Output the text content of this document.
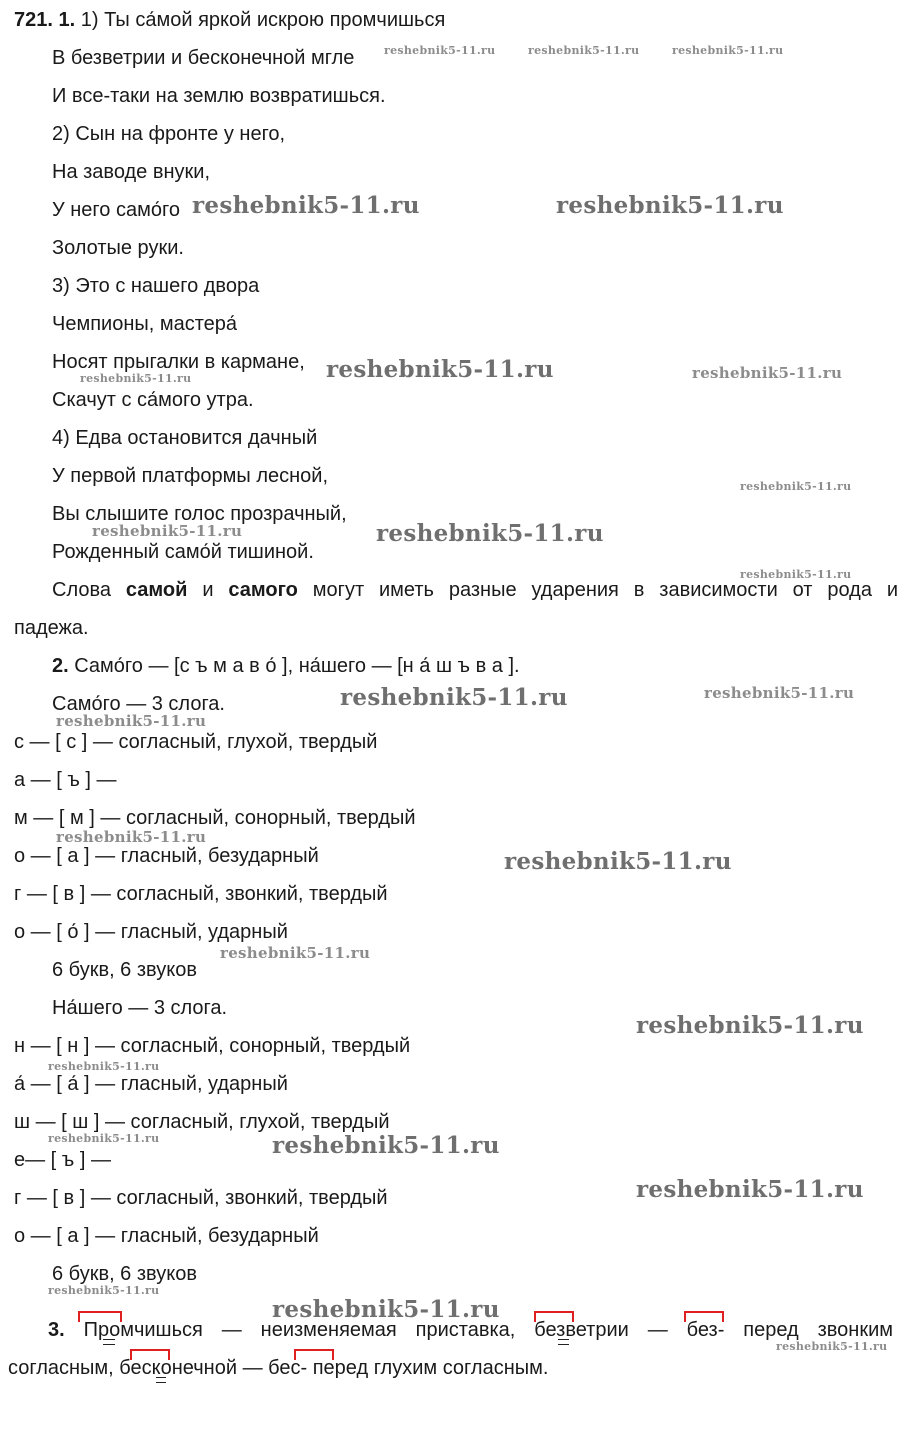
721. 1. 1) Ты са́мой яркой искрою промчишься
В безветрии и бесконечной мгле
И все-таки на землю возвратишься.
2) Сын на фронте у него,
На заводе внуки,
У него само́го
Золотые руки.
3) Это с нашего двора
Чемпионы, мастера́
Носят прыгалки в кармане,
Скачут с са́мого утра.
4) Едва остановится дачный
У первой платформы лесной,
Вы слышите голос прозрачный,
Рожденный само́й тишиной.
Слова самой и самого могут иметь разные ударения в зависимости от рода и
падежа.
2. Само́го — [с ъ м а в о́ ], на́шего — [н а́ ш ъ в а ].
Само́го — 3 слога.
с — [ с ] — согласный, глухой, твердый
а — [ ъ ] —
м — [ м ] — согласный, сонорный, твердый
о — [ а ] — гласный, безударный
г — [ в ] — согласный, звонкий, твердый
о — [ о́ ] — гласный, ударный
6 букв, 6 звуков
На́шего — 3 слога.
н — [ н ] — согласный, сонорный, твердый
а́ — [ а́ ] — гласный, ударный
ш — [ ш ] — согласный, глухой, твердый
е— [ ъ ] —
г — [ в ] — согласный, звонкий, твердый
о — [ а ] — гласный, безударный
6 букв, 6 звуков
3. Промчишься — неизменяемая приставка, безветрии — без- перед звонким
согласным, бесконечной — бес- перед глухим согласным.
reshebnik5-11.ru	reshebnik5-11.ru	reshebnik5-11.ru
reshebnik5-11.ru	reshebnik5-11.ru
reshebnik5-11.ru
reshebnik5-11.ru	reshebnik5-11.ru
reshebnik5-11.ru
reshebnik5-11.ru	reshebnik5-11.ru
reshebnik5-11.ru
reshebnik5-11.ru	reshebnik5-11.ru
reshebnik5-11.ru
reshebnik5-11.ru
reshebnik5-11.ru
reshebnik5-11.ru
reshebnik5-11.ru
reshebnik5-11.ru
reshebnik5-11.ru	reshebnik5-11.ru
reshebnik5-11.ru
reshebnik5-11.ru
reshebnik5-11.ru
reshebnik5-11.ru
